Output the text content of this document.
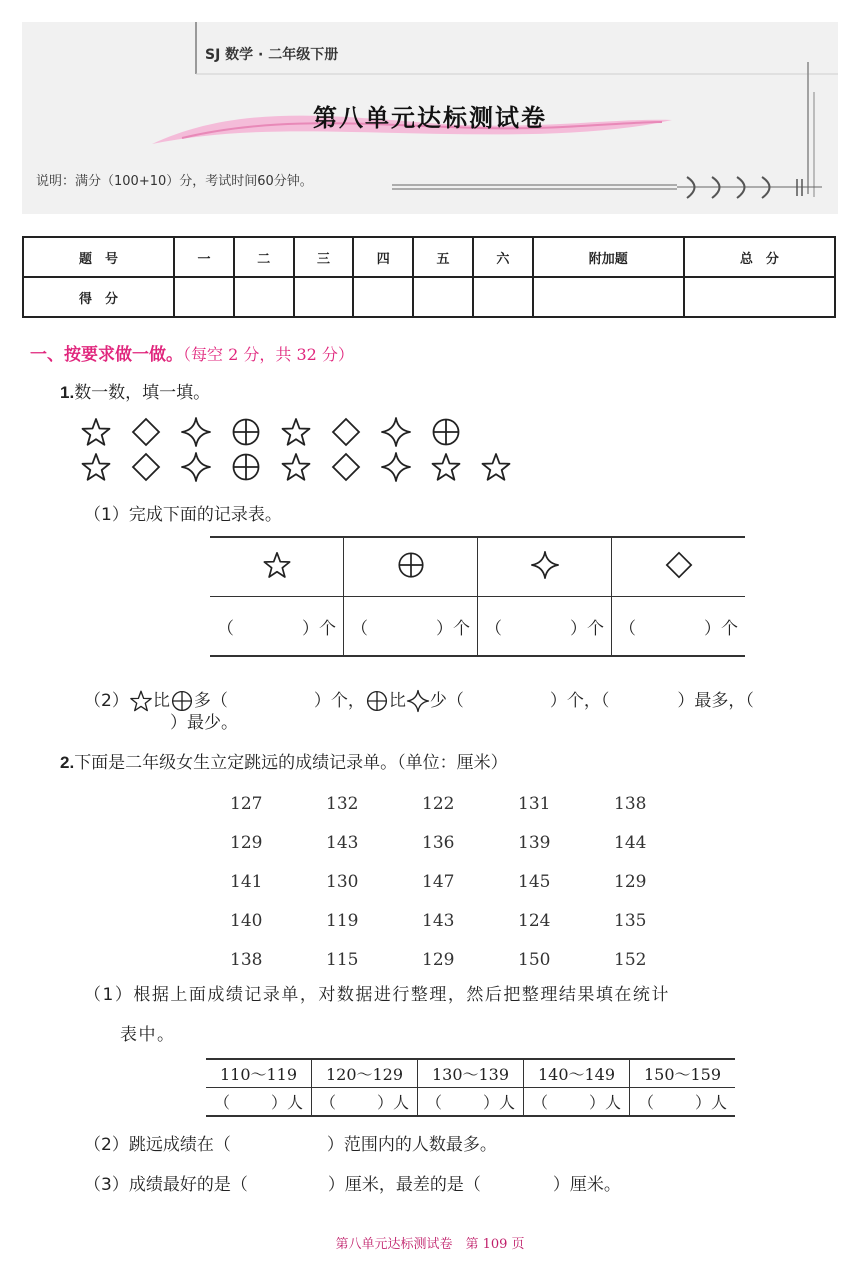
SJ 数学 · 二年级下册
第八单元达标测试卷
说明：满分（100+10）分，考试时间60分钟。
题　号	一	二	三	四	五	六	附加题	总　分
得　分								
一、按要求做一做。（每空 2 分，共 32 分）
1.数一数，填一填。
（1）完成下面的记录表。

（ ）个	（ ）个	（ ）个	（ ）个

（2） 比 多（	）个， 比 少（	）个，（	）最多，（
）最少。
2.下面是二年级女生立定跳远的成绩记录单。（单位：厘米）
127	132	122	131	138
129	143	136	139	144
141	130	147	145	129
140	119	143	124	135
138	115	129	150	152
（1）根据上面成绩记录单，对数据进行整理，然后把整理结果填在统计
表中。
110～119	120～129	130～139	140～149	150～159

（ ）人	（ ）人	（ ）人	（ ）人	（ ）人
（2）跳远成绩在（	）范围内的人数最多。
（3）成绩最好的是（	）厘米，最差的是（	）厘米。
第八单元达标测试卷　第 109 页
